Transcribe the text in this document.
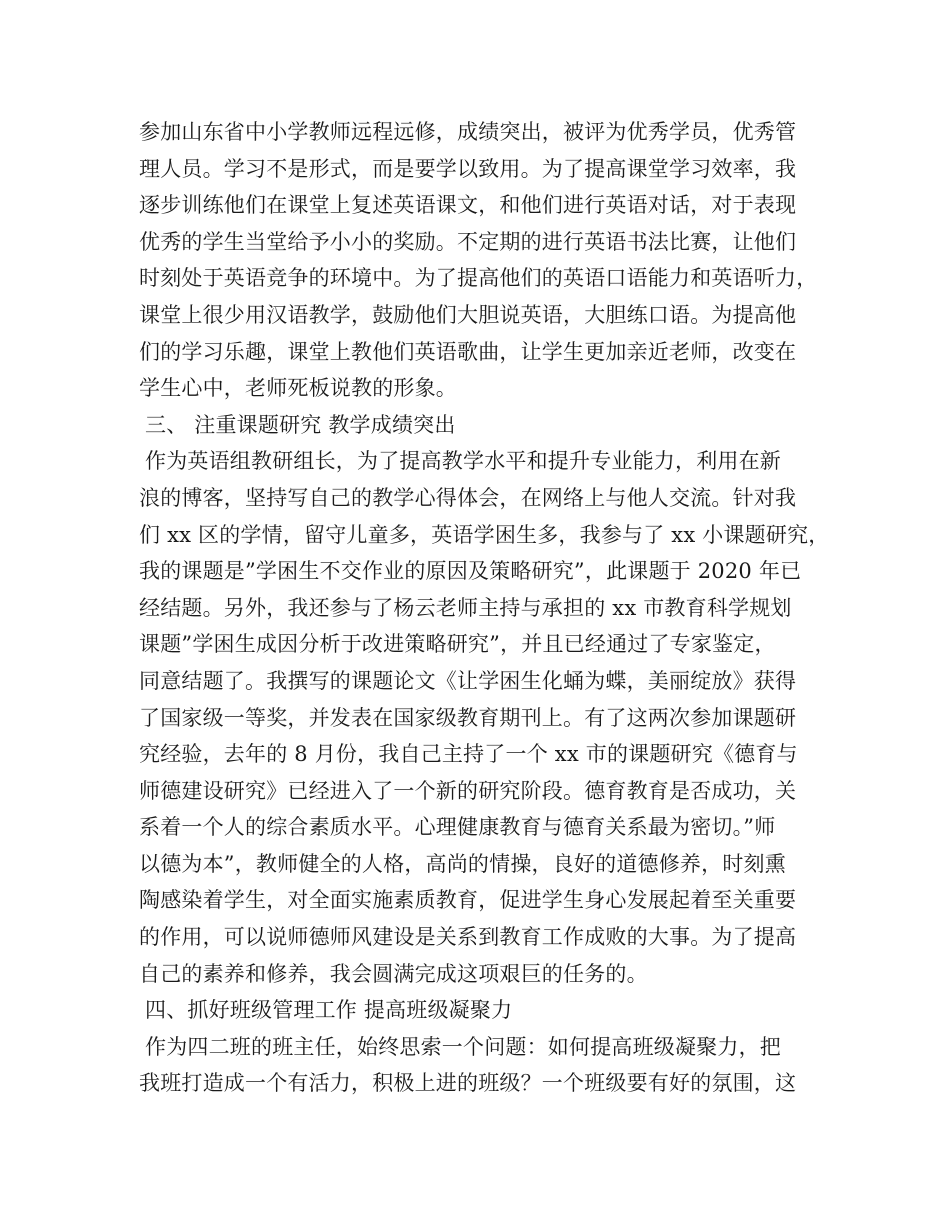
参加山东省中小学教师远程远修，成绩突出，被评为优秀学员，优秀管
理人员。学习不是形式，而是要学以致用。为了提高课堂学习效率，我
逐步训练他们在课堂上复述英语课文，和他们进行英语对话，对于表现
优秀的学生当堂给予小小的奖励。不定期的进行英语书法比赛，让他们
时刻处于英语竞争的环境中。为了提高他们的英语口语能力和英语听力，
课堂上很少用汉语教学，鼓励他们大胆说英语，大胆练口语。为提高他
们的学习乐趣，课堂上教他们英语歌曲，让学生更加亲近老师，改变在
学生心中，老师死板说教的形象。
三、 注重课题研究 教学成绩突出
作为英语组教研组长，为了提高教学水平和提升专业能力，利用在新
浪的博客，坚持写自己的教学心得体会，在网络上与他人交流。针对我
们 xx 区的学情，留守儿童多，英语学困生多，我参与了 xx 小课题研究，
我的课题是”学困生不交作业的原因及策略研究”，此课题于 2020 年已
经结题。另外，我还参与了杨云老师主持与承担的 xx 市教育科学规划
课题”学困生成因分析于改进策略研究”，并且已经通过了专家鉴定，
同意结题了。我撰写的课题论文《让学困生化蛹为蝶，美丽绽放》获得
了国家级一等奖，并发表在国家级教育期刊上。有了这两次参加课题研
究经验，去年的 8 月份，我自己主持了一个 xx 市的课题研究《德育与
师德建设研究》已经进入了一个新的研究阶段。德育教育是否成功，关
系着一个人的综合素质水平。心理健康教育与德育关系最为密切。”师
以德为本”，教师健全的人格，高尚的情操，良好的道德修养，时刻熏
陶感染着学生，对全面实施素质教育，促进学生身心发展起着至关重要
的作用，可以说师德师风建设是关系到教育工作成败的大事。为了提高
自己的素养和修养，我会圆满完成这项艰巨的任务的。
四、抓好班级管理工作 提高班级凝聚力
作为四二班的班主任，始终思索一个问题：如何提高班级凝聚力，把
我班打造成一个有活力，积极上进的班级？一个班级要有好的氛围，这
